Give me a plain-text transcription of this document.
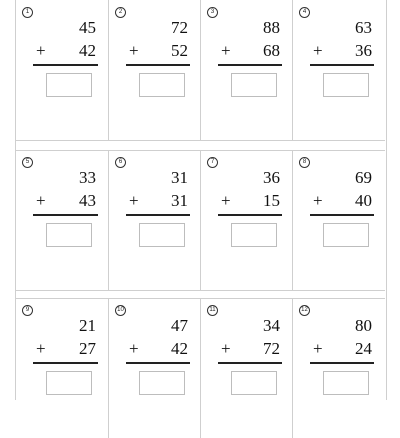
1
45
+ 42
2
72
+ 52
3
88
+ 68
4
63
+ 36
5
33
+ 43
6
31
+ 31
7
36
+ 15
8
69
+ 40
9
21
+ 27
10
47
+ 42
11
34
+ 72
12
80
+ 24
